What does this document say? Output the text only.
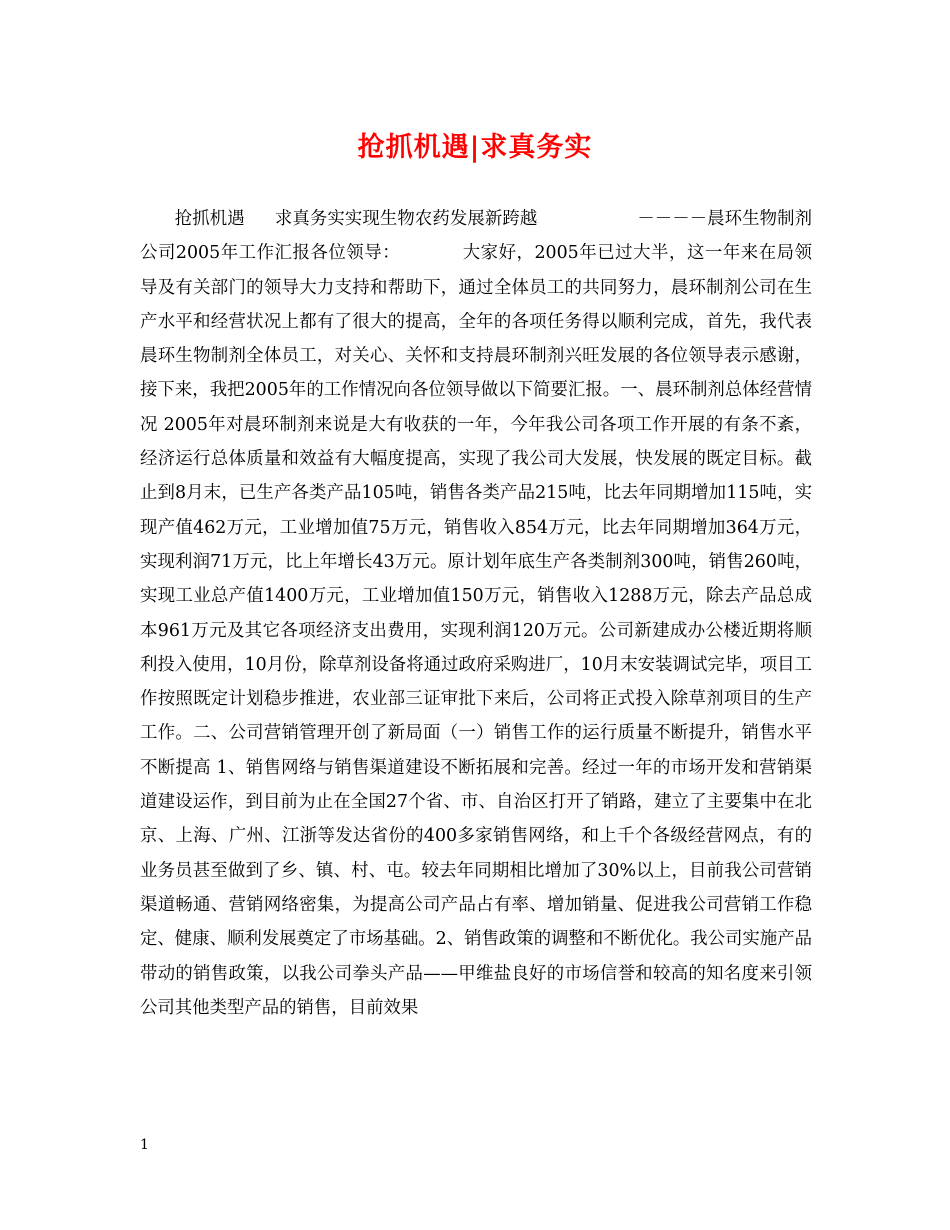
抢抓机遇|求真务实

抢抓机遇 求真务实实现生物农药发展新跨越	－－－－晨环生物制剂公司2005年工作汇报各位领导：	大家好，2005年已过大半，这一年来在局领导及有关部门的领导大力支持和帮助下，通过全体员工的共同努力，晨环制剂公司在生产水平和经营状况上都有了很大的提高，全年的各项任务得以顺利完成，首先，我代表晨环生物制剂全体员工，对关心、关怀和支持晨环制剂兴旺发展的各位领导表示感谢，接下来，我把2005年的工作情况向各位领导做以下简要汇报。一、晨环制剂总体经营情况 2005年对晨环制剂来说是大有收获的一年，今年我公司各项工作开展的有条不紊，经济运行总体质量和效益有大幅度提高，实现了我公司大发展，快发展的既定目标。截止到8月末，已生产各类产品105吨，销售各类产品215吨，比去年同期增加115吨，实现产值462万元，工业增加值75万元，销售收入854万元，比去年同期增加364万元，实现利润71万元，比上年增长43万元。原计划年底生产各类制剂300吨，销售260吨，实现工业总产值1400万元，工业增加值150万元，销售收入1288万元，除去产品总成本961万元及其它各项经济支出费用，实现利润120万元。公司新建成办公楼近期将顺利投入使用，10月份，除草剂设备将通过政府采购进厂，10月末安装调试完毕，项目工作按照既定计划稳步推进，农业部三证审批下来后，公司将正式投入除草剂项目的生产工作。二、公司营销管理开创了新局面（一）销售工作的运行质量不断提升，销售水平不断提高 1、销售网络与销售渠道建设不断拓展和完善。经过一年的市场开发和营销渠道建设运作，到目前为止在全国27个省、市、自治区打开了销路，建立了主要集中在北京、上海、广州、江浙等发达省份的400多家销售网络，和上千个各级经营网点，有的业务员甚至做到了乡、镇、村、屯。较去年同期相比增加了30%以上，目前我公司营销渠道畅通、营销网络密集，为提高公司产品占有率、增加销量、促进我公司营销工作稳定、健康、顺利发展奠定了市场基础。2、销售政策的调整和不断优化。我公司实施产品带动的销售政策，以我公司拳头产品——甲维盐良好的市场信誉和较高的知名度来引领公司其他类型产品的销售，目前效果

1
